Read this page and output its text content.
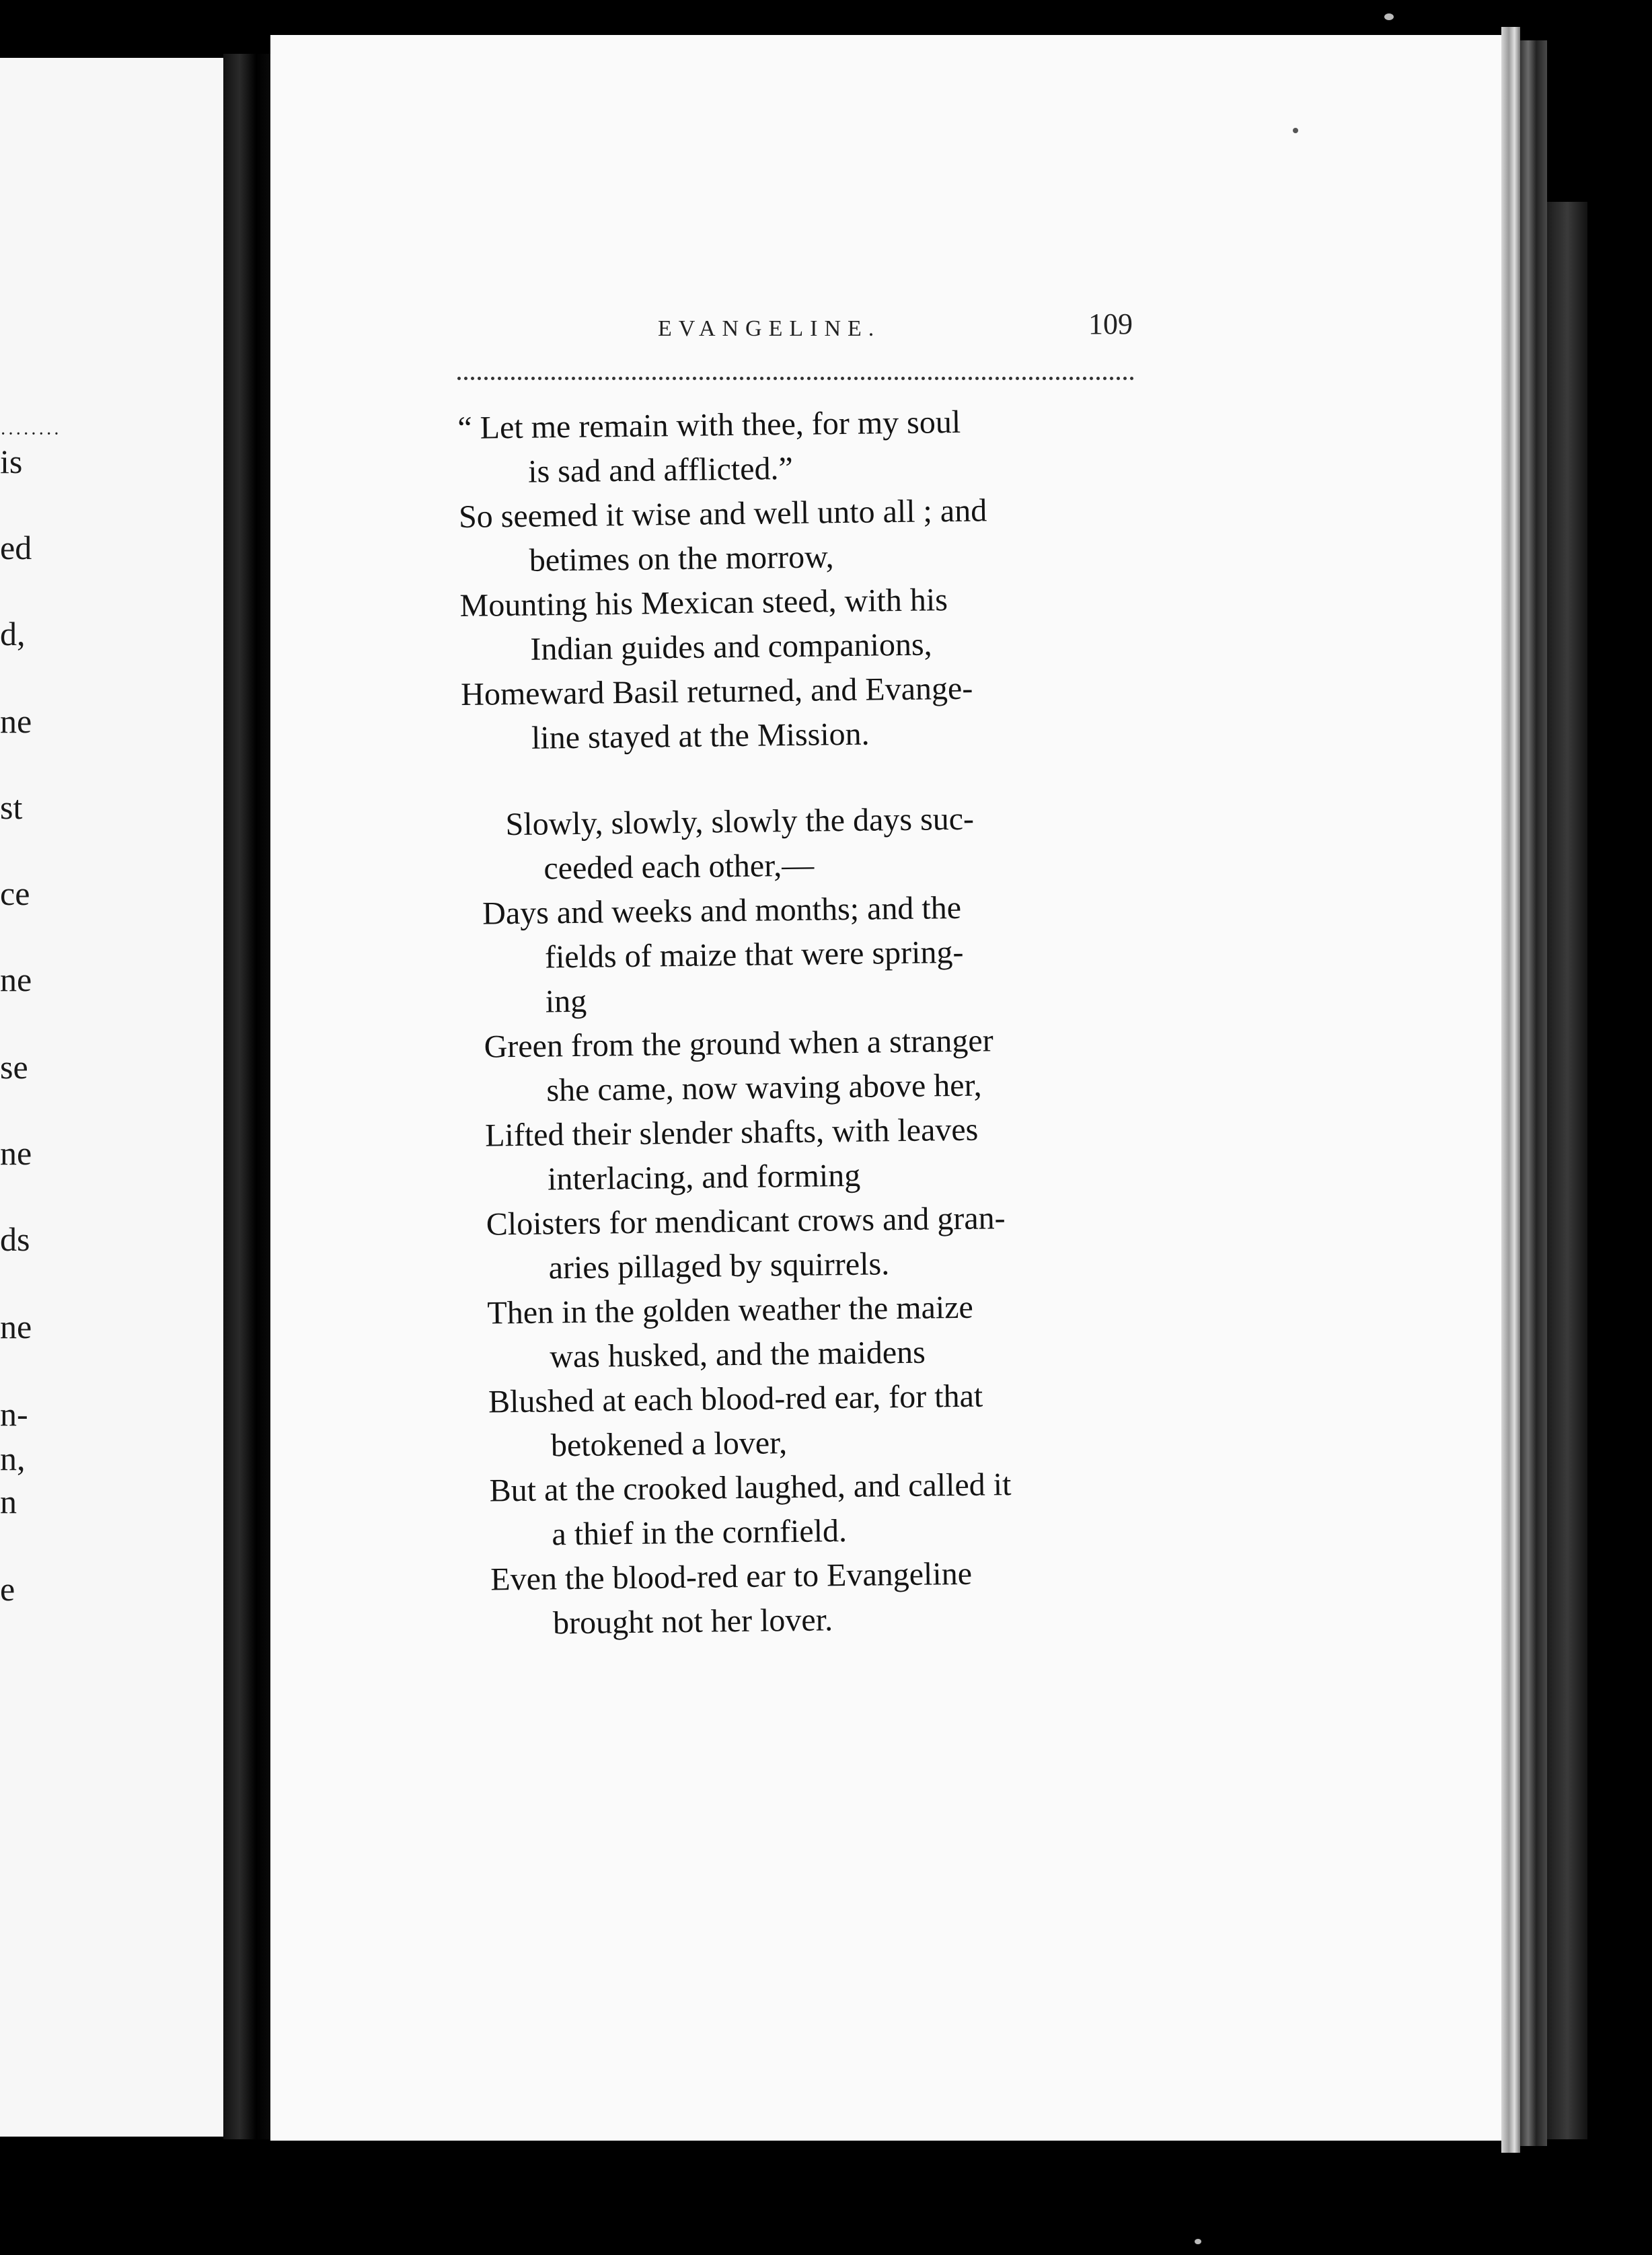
········
is
ed
d,
ne
st
ce
ne
se
ne
ds
ne
n-
n,
n
e
EVANGELINE.	109
“ Let me remain with thee, for my soul
is sad and afflicted.”
So seemed it wise and well unto all ; and
betimes on the morrow,
Mounting his Mexican steed, with his
Indian guides and companions,
Homeward Basil returned, and Evange-
line stayed at the Mission.
Slowly, slowly, slowly the days suc-
ceeded each other,—
Days and weeks and months; and the
fields of maize that were spring-
ing
Green from the ground when a stranger
she came, now waving above her,
Lifted their slender shafts, with leaves
interlacing, and forming
Cloisters for mendicant crows and gran-
aries pillaged by squirrels.
Then in the golden weather the maize
was husked, and the maidens
Blushed at each blood-red ear, for that
betokened a lover,
But at the crooked laughed, and called it
a thief in the cornfield.
Even the blood-red ear to Evangeline
brought not her lover.
